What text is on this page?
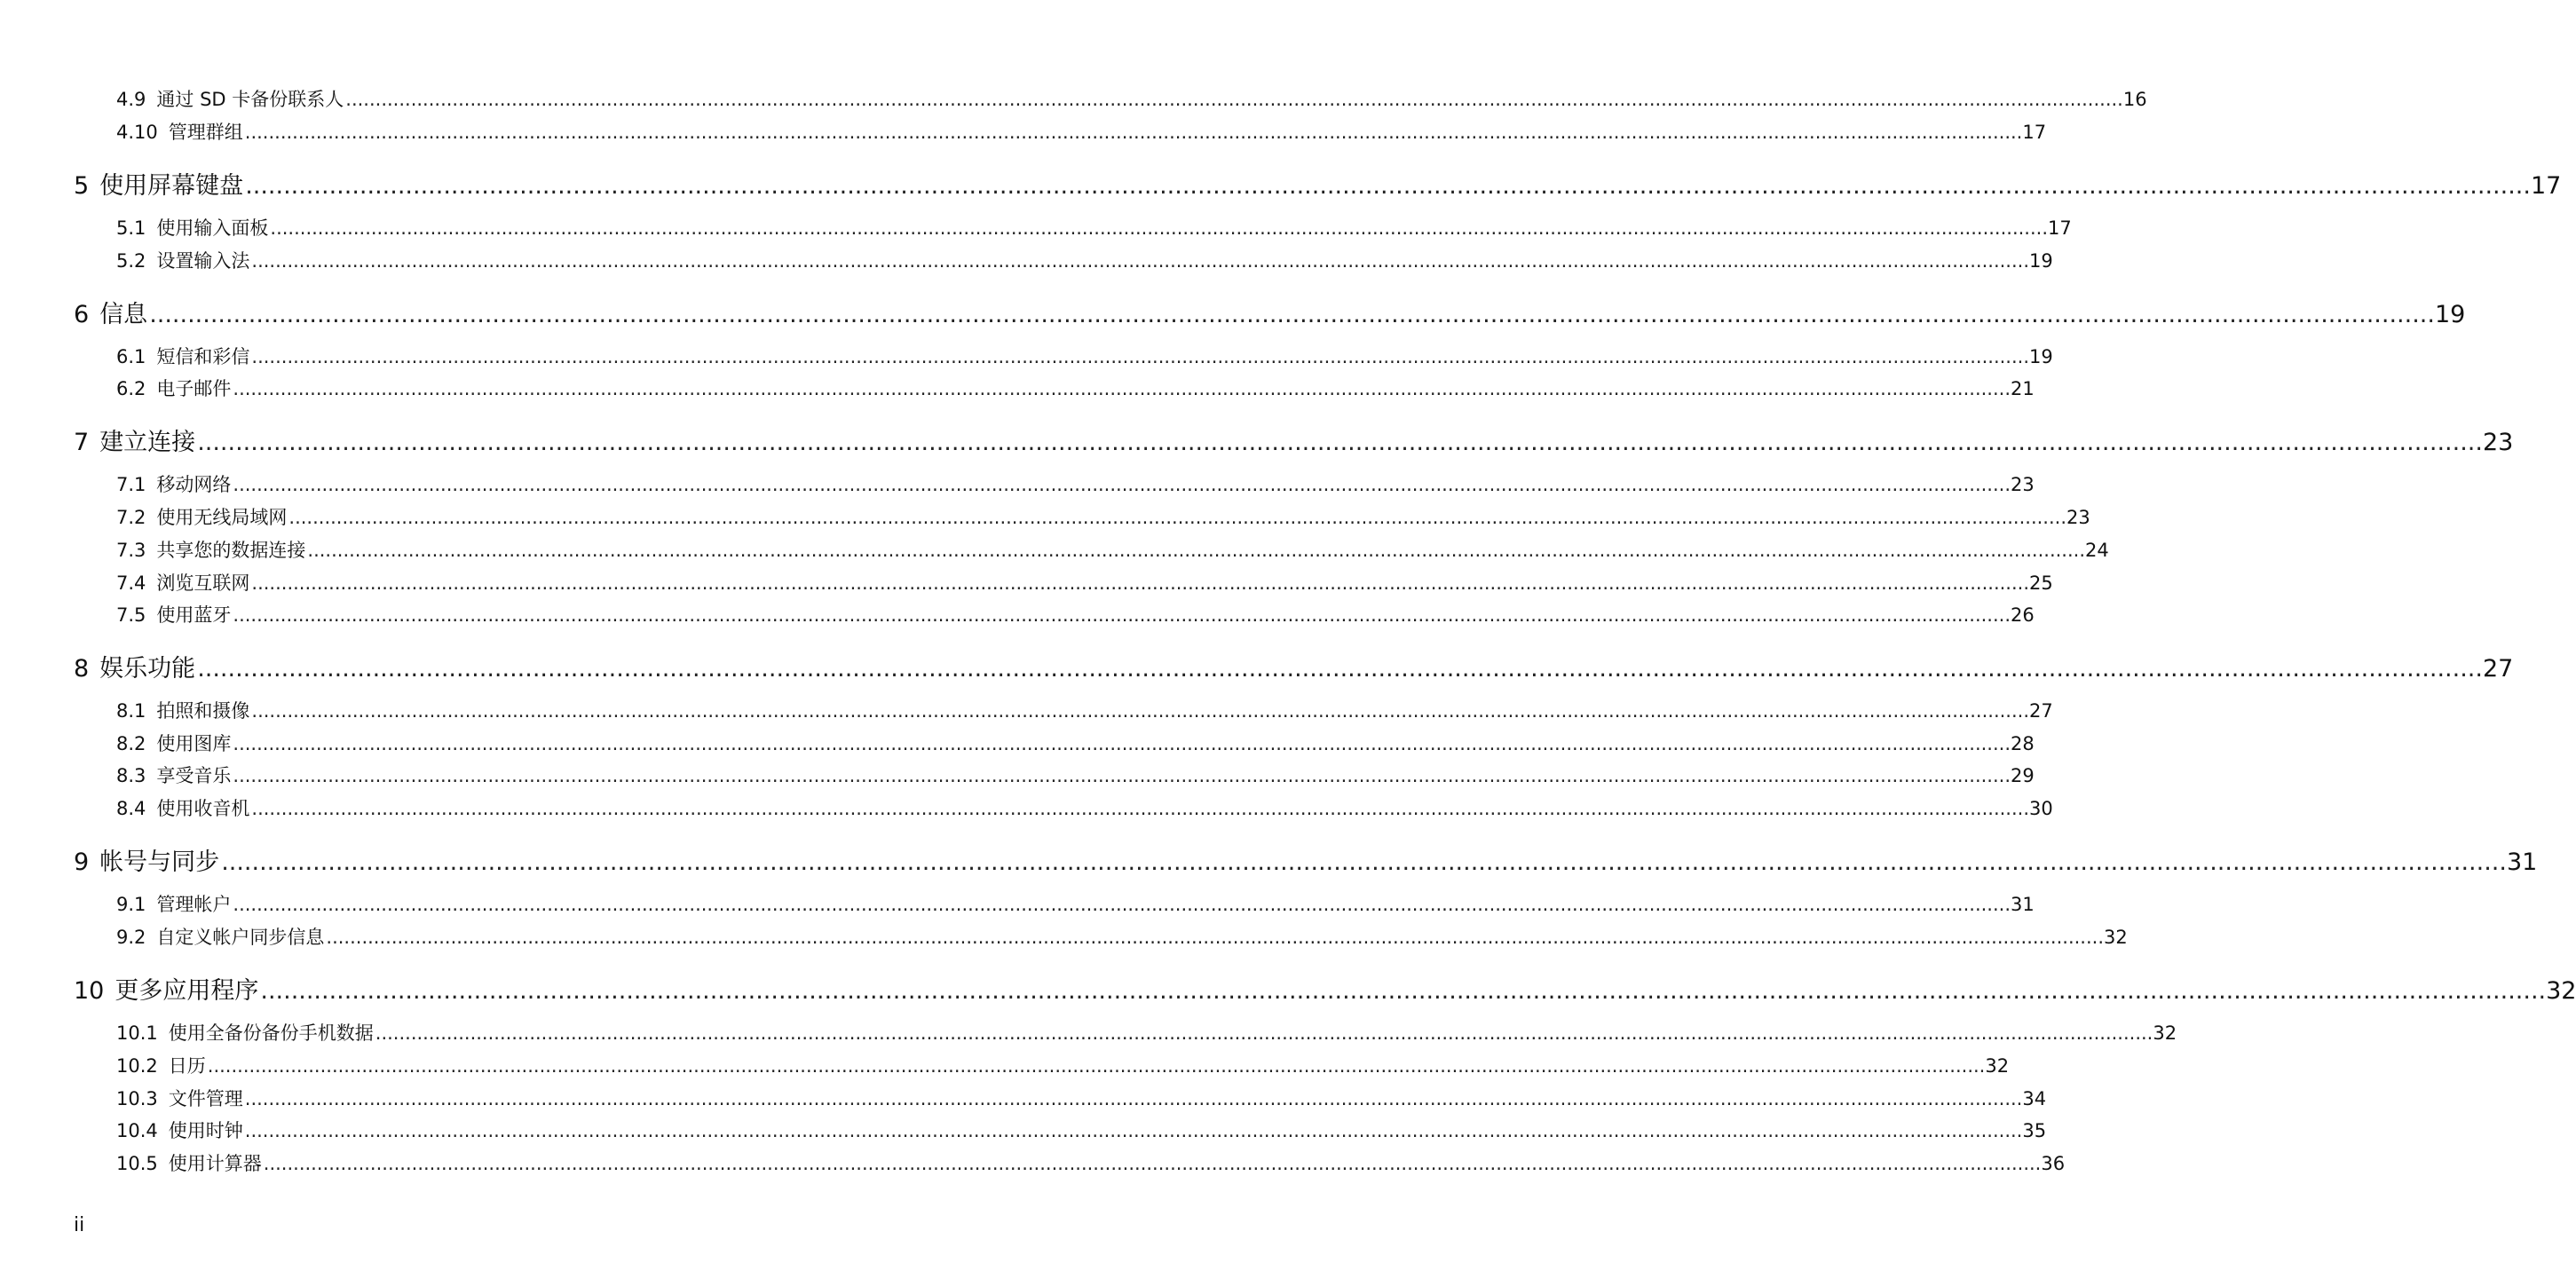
4.9 通过 SD 卡备份联系人 ............................................................................................................................................................................................................................................................................................................ 16
4.10 管理群组 ............................................................................................................................................................................................................................................................................................................ 17
5 使用屏幕键盘 ............................................................................................................................................................................................................................................................................................................ 17
5.1 使用输入面板 ............................................................................................................................................................................................................................................................................................................ 17
5.2 设置输入法 ............................................................................................................................................................................................................................................................................................................ 19
6 信息 ............................................................................................................................................................................................................................................................................................................ 19
6.1 短信和彩信 ............................................................................................................................................................................................................................................................................................................ 19
6.2 电子邮件 ............................................................................................................................................................................................................................................................................................................ 21
7 建立连接 ............................................................................................................................................................................................................................................................................................................ 23
7.1 移动网络 ............................................................................................................................................................................................................................................................................................................ 23
7.2 使用无线局域网 ............................................................................................................................................................................................................................................................................................................ 23
7.3 共享您的数据连接 ............................................................................................................................................................................................................................................................................................................ 24
7.4 浏览互联网 ............................................................................................................................................................................................................................................................................................................ 25
7.5 使用蓝牙 ............................................................................................................................................................................................................................................................................................................ 26
8 娱乐功能 ............................................................................................................................................................................................................................................................................................................ 27
8.1 拍照和摄像 ............................................................................................................................................................................................................................................................................................................ 27
8.2 使用图库 ............................................................................................................................................................................................................................................................................................................ 28
8.3 享受音乐 ............................................................................................................................................................................................................................................................................................................ 29
8.4 使用收音机 ............................................................................................................................................................................................................................................................................................................ 30
9 帐号与同步 ............................................................................................................................................................................................................................................................................................................ 31
9.1 管理帐户 ............................................................................................................................................................................................................................................................................................................ 31
9.2 自定义帐户同步信息 ............................................................................................................................................................................................................................................................................................................ 32
10 更多应用程序 ............................................................................................................................................................................................................................................................................................................ 32
10.1 使用全备份备份手机数据 ............................................................................................................................................................................................................................................................................................................ 32
10.2 日历 ............................................................................................................................................................................................................................................................................................................ 32
10.3 文件管理 ............................................................................................................................................................................................................................................................................................................ 34
10.4 使用时钟 ............................................................................................................................................................................................................................................................................................................ 35
10.5 使用计算器 ............................................................................................................................................................................................................................................................................................................ 36
ii
